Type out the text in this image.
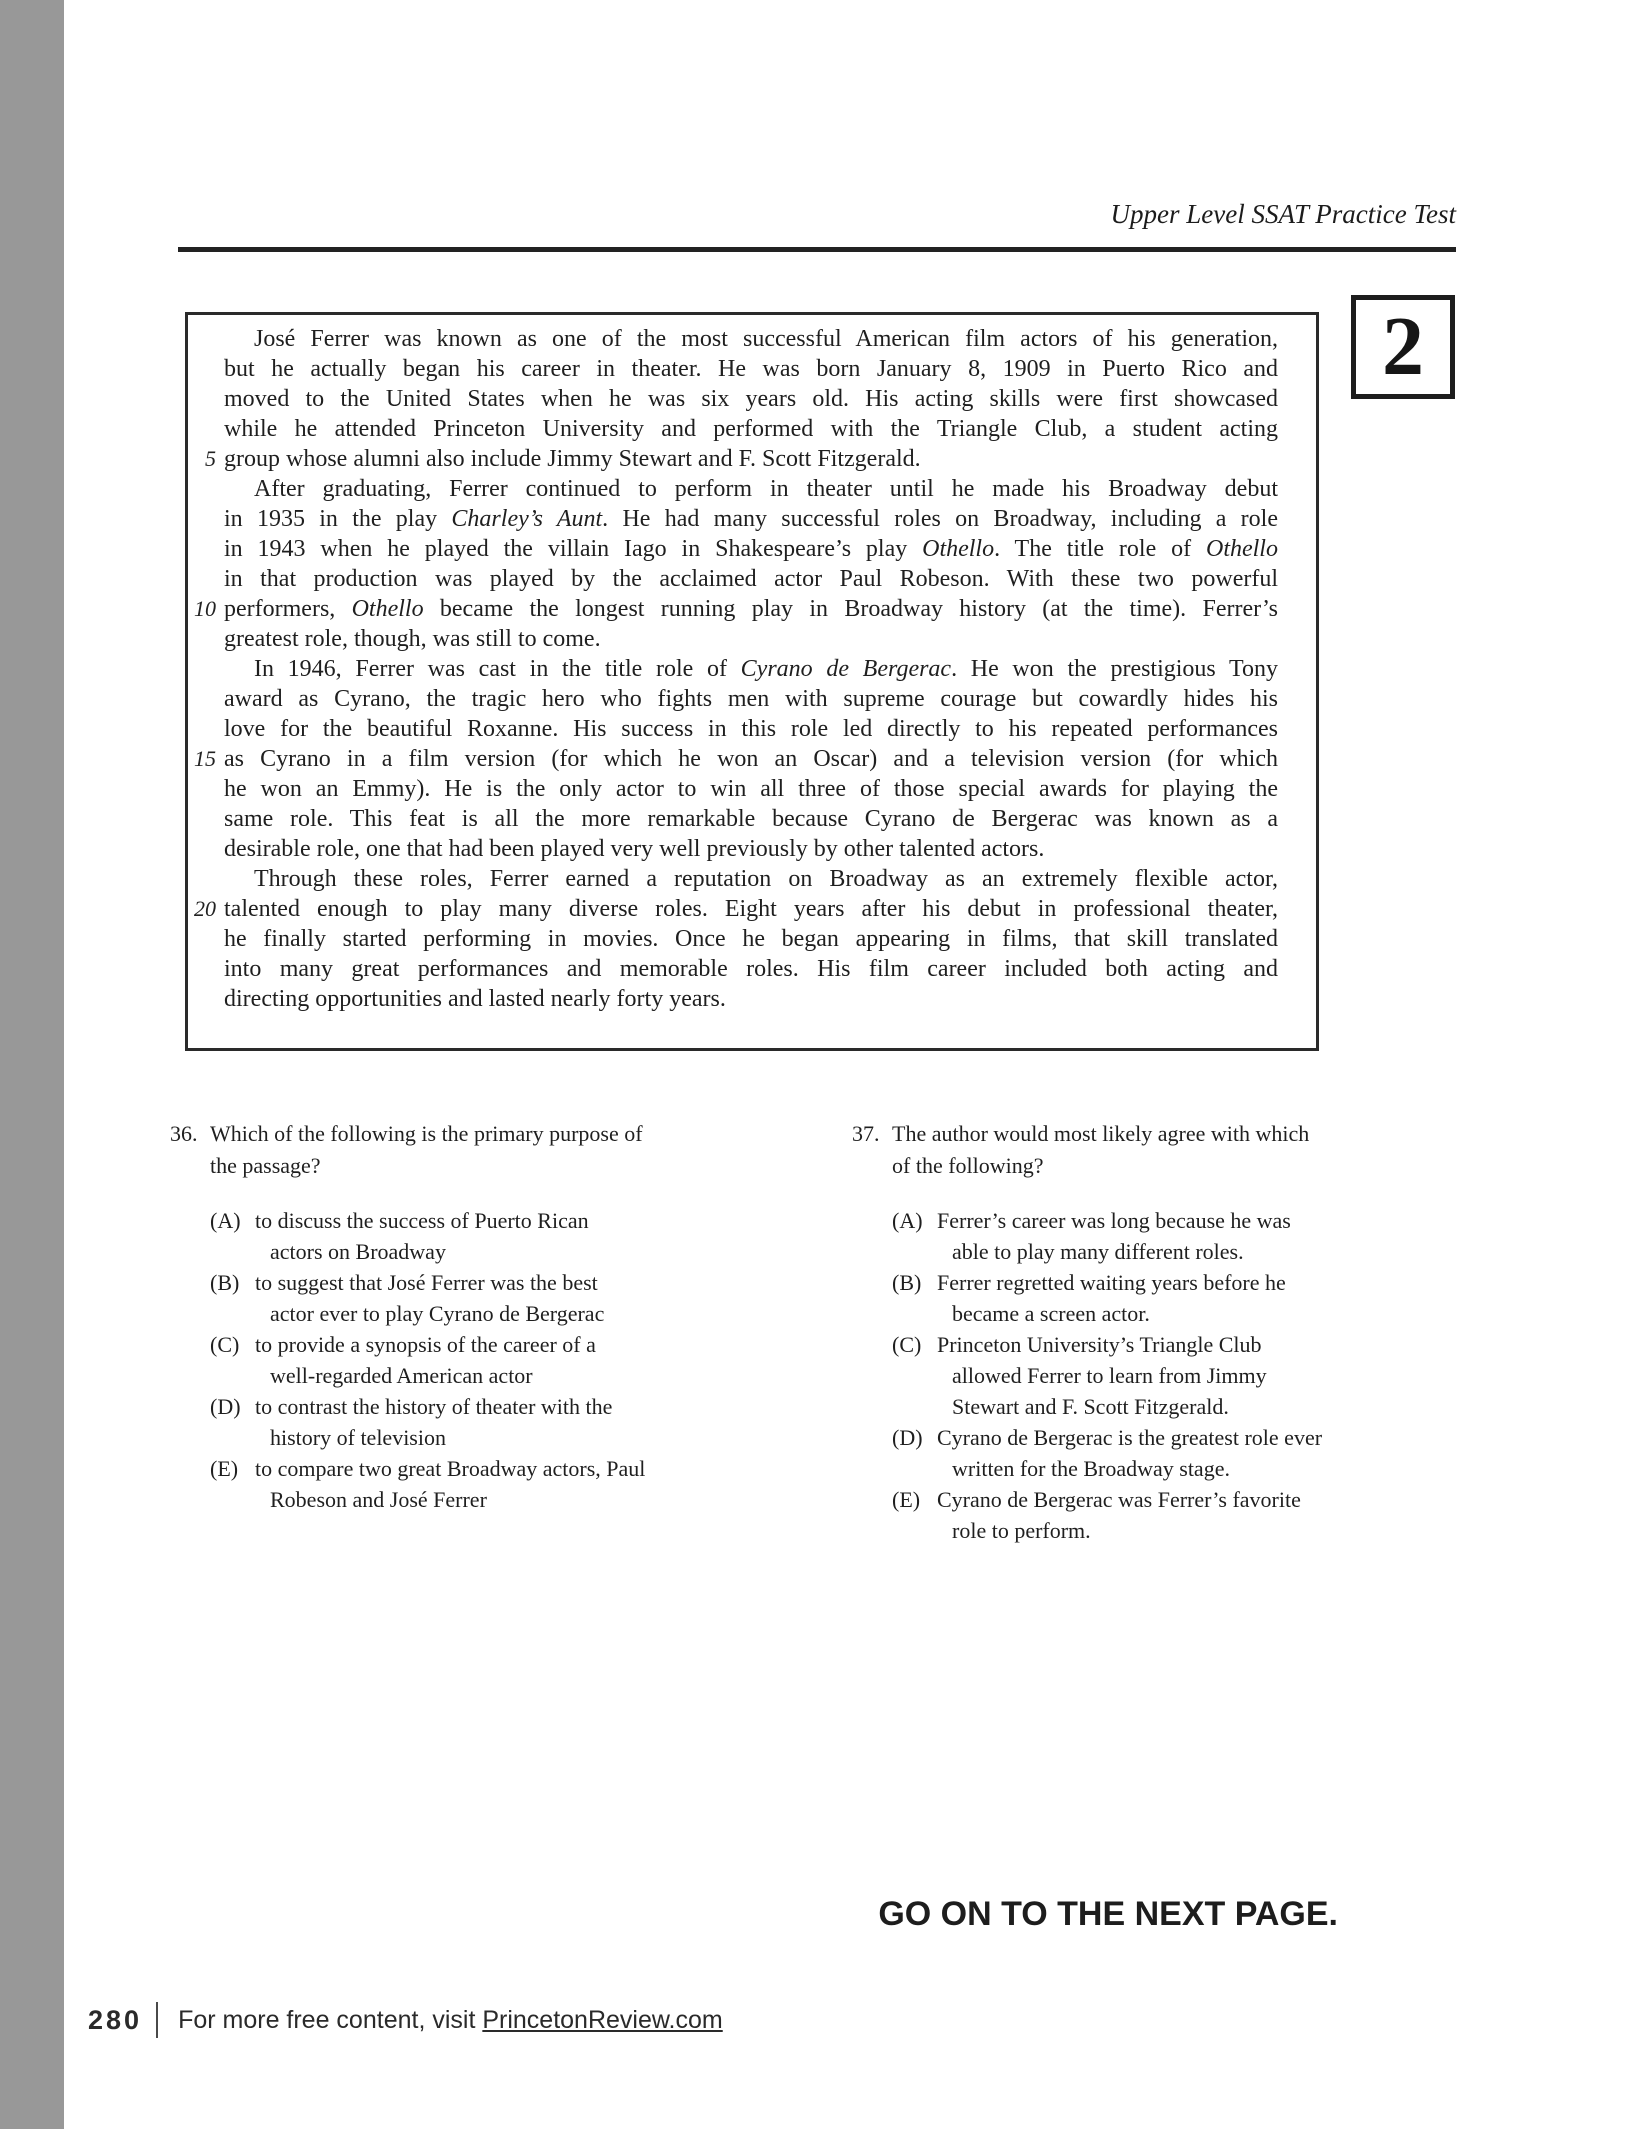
Upper Level SSAT Practice Test
2
José Ferrer was known as one of the most successful American film actors of his generation,
but he actually began his career in theater. He was born January 8, 1909 in Puerto Rico and
moved to the United States when he was six years old. His acting skills were first showcased
while he attended Princeton University and performed with the Triangle Club, a student acting
5 group whose alumni also include Jimmy Stewart and F. Scott Fitzgerald.
After graduating, Ferrer continued to perform in theater until he made his Broadway debut
in 1935 in the play Charley’s Aunt. He had many successful roles on Broadway, including a role
in 1943 when he played the villain Iago in Shakespeare’s play Othello. The title role of Othello
in that production was played by the acclaimed actor Paul Robeson. With these two powerful
10 performers, Othello became the longest running play in Broadway history (at the time). Ferrer’s
greatest role, though, was still to come.
In 1946, Ferrer was cast in the title role of Cyrano de Bergerac. He won the prestigious Tony
award as Cyrano, the tragic hero who fights men with supreme courage but cowardly hides his
love for the beautiful Roxanne. His success in this role led directly to his repeated performances
15 as Cyrano in a film version (for which he won an Oscar) and a television version (for which
he won an Emmy). He is the only actor to win all three of those special awards for playing the
same role. This feat is all the more remarkable because Cyrano de Bergerac was known as a
desirable role, one that had been played very well previously by other talented actors.
Through these roles, Ferrer earned a reputation on Broadway as an extremely flexible actor,
20 talented enough to play many diverse roles. Eight years after his debut in professional theater,
he finally started performing in movies. Once he began appearing in films, that skill translated
into many great performances and memorable roles. His film career included both acting and
directing opportunities and lasted nearly forty years.
36. Which of the following is the primary purpose of
the passage?
(A) to discuss the success of Puerto Rican
actors on Broadway
(B) to suggest that José Ferrer was the best
actor ever to play Cyrano de Bergerac
(C) to provide a synopsis of the career of a
well-regarded American actor
(D) to contrast the history of theater with the
history of television
(E) to compare two great Broadway actors, Paul
Robeson and José Ferrer
37. The author would most likely agree with which
of the following?
(A) Ferrer’s career was long because he was
able to play many different roles.
(B) Ferrer regretted waiting years before he
became a screen actor.
(C) Princeton University’s Triangle Club
allowed Ferrer to learn from Jimmy
Stewart and F. Scott Fitzgerald.
(D) Cyrano de Bergerac is the greatest role ever
written for the Broadway stage.
(E) Cyrano de Bergerac was Ferrer’s favorite
role to perform.
GO ON TO THE NEXT PAGE.
280 For more free content, visit PrincetonReview.com
